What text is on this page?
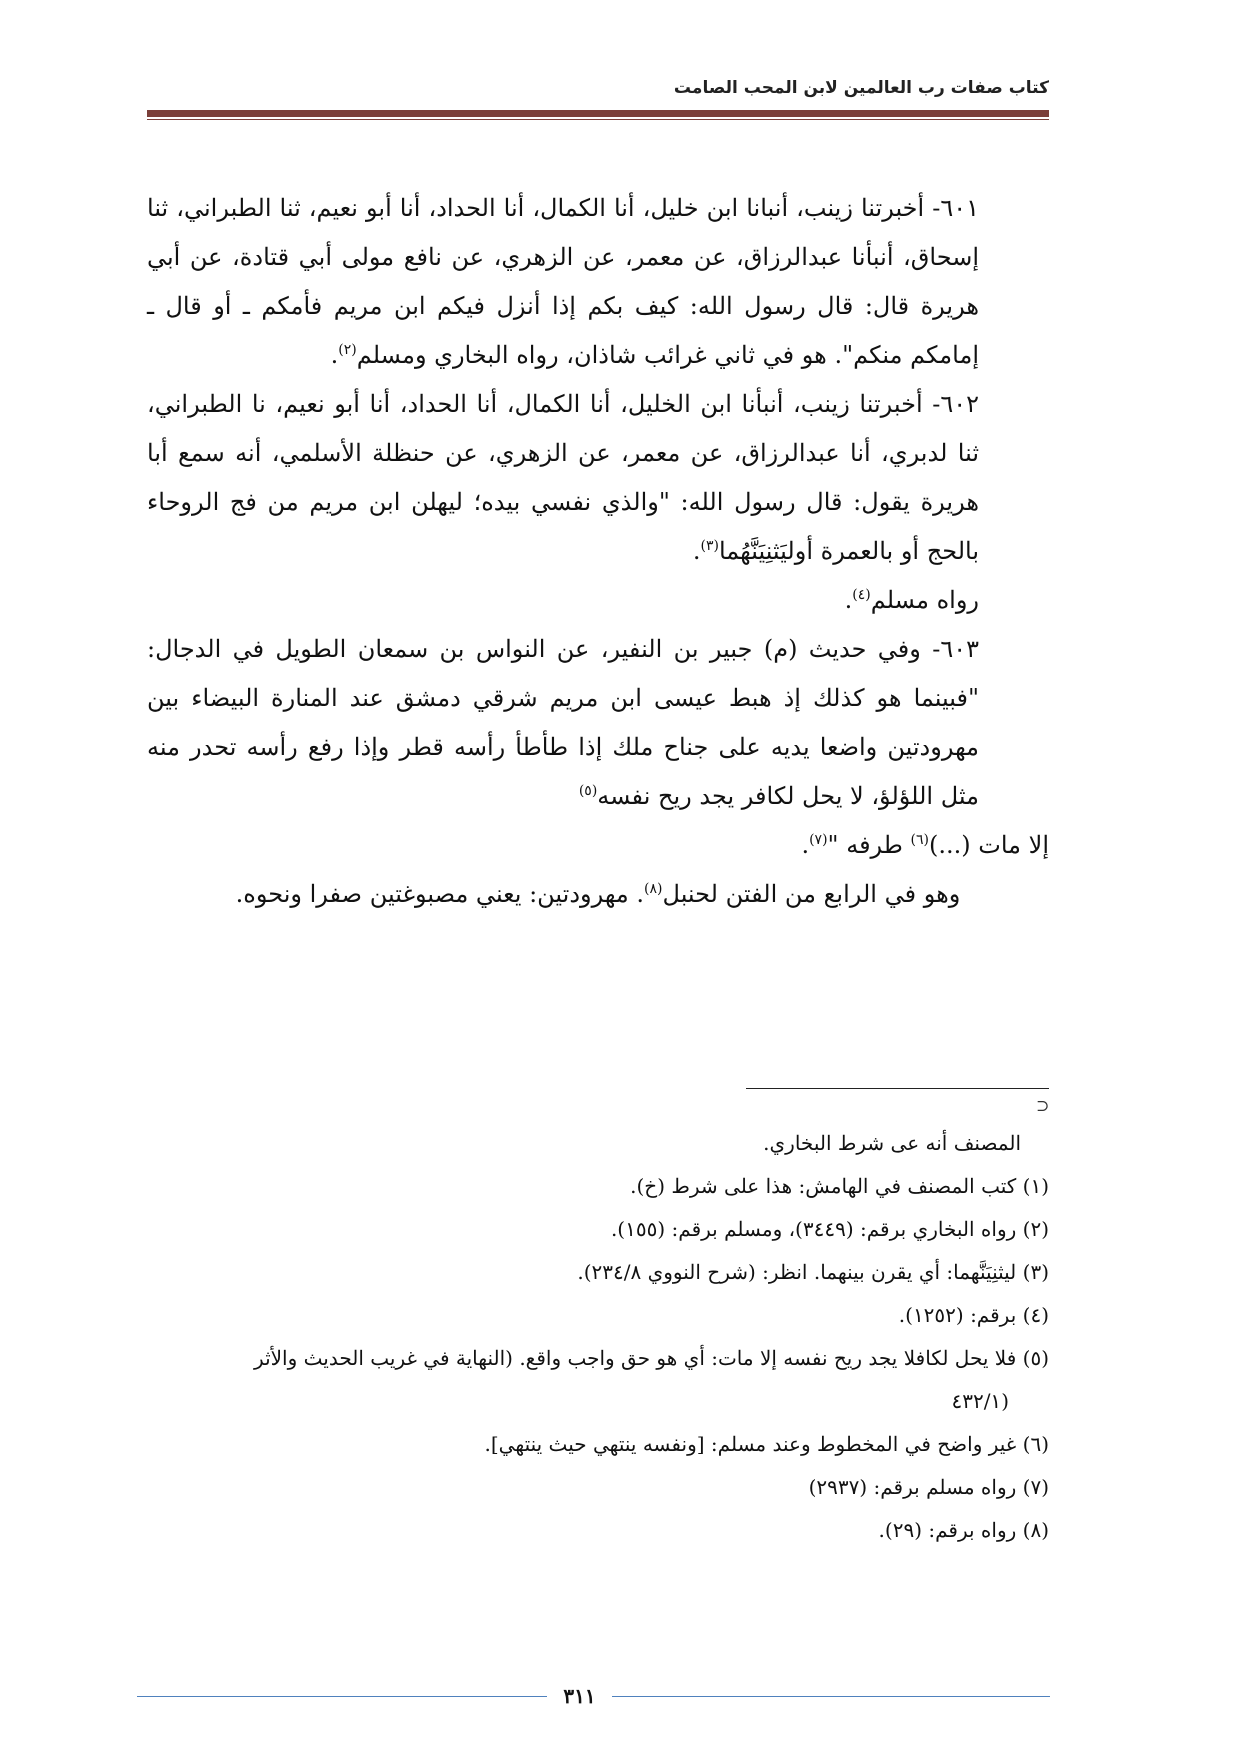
كتاب صفات رب العالمين لابن المحب الصامت

٦٠١- أخبرتنا زينب، أنبانا ابن خليل، أنا الكمال، أنا الحداد، أنا أبو نعيم، ثنا الطبراني، ثنا إسحاق، أنبأنا عبدالرزاق، عن معمر، عن الزهري، عن نافع مولى أبي قتادة، عن أبي هريرة قال: قال رسول الله: كيف بكم إذا أنزل فيكم ابن مريم فأمكم ـ أو قال ـ إمامكم منكم". هو في ثاني غرائب شاذان، رواه البخاري ومسلم$^{(٢)}$.

٦٠٢- أخبرتنا زينب، أنبأنا ابن الخليل، أنا الكمال، أنا الحداد، أنا أبو نعيم، نا الطبراني، ثنا لدبري، أنا عبدالرزاق، عن معمر، عن الزهري، عن حنظلة الأسلمي، أنه سمع أبا هريرة يقول: قال رسول الله: "والذي نفسي بيده؛ ليهلن ابن مريم من فج الروحاء بالحج أو بالعمرة أوليَثنِيَنَّهُما$^{(٣)}$.

رواه مسلم$^{(٤)}$.

٦٠٣- وفي حديث (م) جبير بن النفير، عن النواس بن سمعان الطويل في الدجال: "فبينما هو كذلك إذ هبط عيسى ابن مريم شرقي دمشق عند المنارة البيضاء بين مهرودتين واضعا يديه على جناح ملك إذا طأطأ رأسه قطر وإذا رفع رأسه تحدر منه مثل اللؤلؤ، لا يحل لكافر يجد ريح نفسه$^{(٥)}$

إلا مات (...)$^{(٦)}$ طرفه "$^{(٧)}$.

وهو في الرابع من الفتن لحنبل$^{(٨)}$. مهرودتين: يعني مصبوغتين صفرا ونحوه.

⊃

المصنف أنه عى شرط البخاري.

(١) كتب المصنف في الهامش: هذا على شرط (خ).

(٢) رواه البخاري برقم: (٣٤٤٩)، ومسلم برقم: (١٥٥).

(٣) ليثنِيَنَّهما: أي يقرن بينهما. انظر: (شرح النووي ٢٣٤/٨).

(٤) برقم: (١٢٥٢).

(٥) فلا يحل لكافلا يجد ريح نفسه إلا مات: أي هو حق واجب واقع. (النهاية في غريب الحديث والأثر

(٤٣٢/١

(٦) غير واضح في المخطوط وعند مسلم: [ونفسه ينتهي حيث ينتهي].

(٧) رواه مسلم برقم: (٢٩٣٧)

(٨) رواه برقم: (٢٩).

٣١١
